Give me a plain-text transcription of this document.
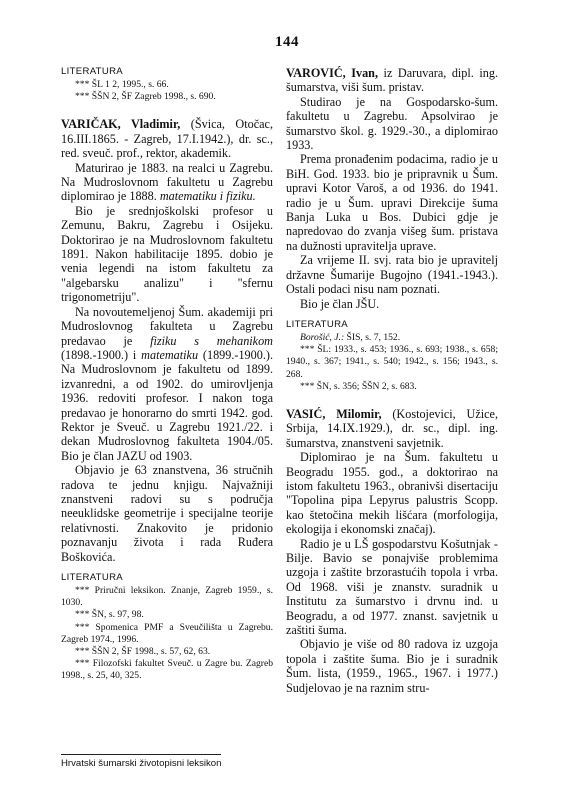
144

LITERATURA

*** ŠL 1 2, 1995., s. 66.

*** ŠŠN 2, ŠF Zagreb 1998., s. 690.

VARIČAK, Vladimir, (Švica, Otočac, 16.III.1865. - Zagreb, 17.I.1942.), dr. sc., red. sveuč. prof., rektor, akademik.

Maturirao je 1883. na realci u Zagrebu. Na Mudroslovnom fakultetu u Zagrebu diplomirao je 1888. matematiku i fiziku.

Bio je srednjoškolski profesor u Zemunu, Bakru, Zagrebu i Osijeku. Doktorirao je na Mudroslovnom fakultetu 1891. Nakon habilitacije 1895. dobio je venia legendi na istom fakultetu za "algebarsku analizu" i "sfernu trigonometriju".

Na novoutemeljenoj Šum. akademiji pri Mudroslovnog fakulteta u Zagrebu predavao je fiziku s mehanikom (1898.-1900.) i matematiku (1899.-1900.). Na Mudroslovnom je fakultetu od 1899. izvanredni, a od 1902. do umirovljenja 1936. redoviti profesor. I nakon toga predavao je honorarno do smrti 1942. god. Rektor je Sveuč. u Zagrebu 1921./22. i dekan Mudroslovnog fakulteta 1904./05. Bio je član JAZU od 1903.

Objavio je 63 znanstvena, 36 stručnih radova te jednu knjigu. Najvažniji znanstveni radovi su s područja neeuklidske geometrije i specijalne teorije relativnosti. Znakovito je pridonio poznavanju života i rada Ruđera Boškovića.

LITERATURA

*** Priručni leksikon. Znanje, Zagreb 1959., s. 1030.

*** ŠN, s. 97, 98.

*** Spomenica PMF a Sveučilišta u Zagrebu. Zagreb 1974., 1996.

*** ŠŠN 2, ŠF 1998., s. 57, 62, 63.

*** Filozofski fakultet Sveuč. u Zagre bu. Zagreb 1998., s. 25, 40, 325.

VAROVIĆ, Ivan, iz Daruvara, dipl. ing. šumarstva, viši šum. pristav.

Studirao je na Gospodarsko-šum. fakultetu u Zagrebu. Apsolvirao je šumarstvo škol. g. 1929.-30., a diplomirao 1933.

Prema pronađenim podacima, radio je u BiH. God. 1933. bio je pripravnik u Šum. upravi Kotor Varoš, a od 1936. do 1941. radio je u Šum. upravi Direkcije šuma Banja Luka u Bos. Dubici gdje je napredovao do zvanja višeg šum. pristava na dužnosti upravitelja uprave.

Za vrijeme II. svj. rata bio je upravitelj državne Šumarije Bugojno (1941.-1943.). Ostali podaci nisu nam poznati.

Bio je član JŠU.

LITERATURA

Borošić, J.: ŠIS, s. 7, 152.

*** ŠL: 1933., s. 453; 1936., s. 693; 1938., s. 658; 1940., s. 367; 1941., s. 540; 1942., s. 156; 1943., s. 268.

*** ŠN, s. 356; ŠŠN 2, s. 683.

VASIĆ, Milomir, (Kostojevici, Užice, Srbija, 14.IX.1929.), dr. sc., dipl. ing. šumarstva, znanstveni savjetnik.

Diplomirao je na Šum. fakultetu u Beogradu 1955. god., a doktorirao na istom fakultetu 1963., obranivši disertaciju "Topolina pipa Lepyrus palustris Scopp. kao štetočina mekih lišćara (morfologija, ekologija i ekonomski značaj).

Radio je u LŠ gospodarstvu Košutnjak - Bilje. Bavio se ponajviše problemima uzgoja i zaštite brzorastućih topola i vrba. Od 1968. viši je znanstv. suradnik u Institutu za šumarstvo i drvnu ind. u Beogradu, a od 1977. znanst. savjetnik u zaštiti šuma.

Objavio je više od 80 radova iz uzgoja topola i zaštite šuma. Bio je i suradnik Šum. lista, (1959., 1965., 1967. i 1977.) Sudjelovao je na raznim stru-

Hrvatski šumarski životopisni leksikon
